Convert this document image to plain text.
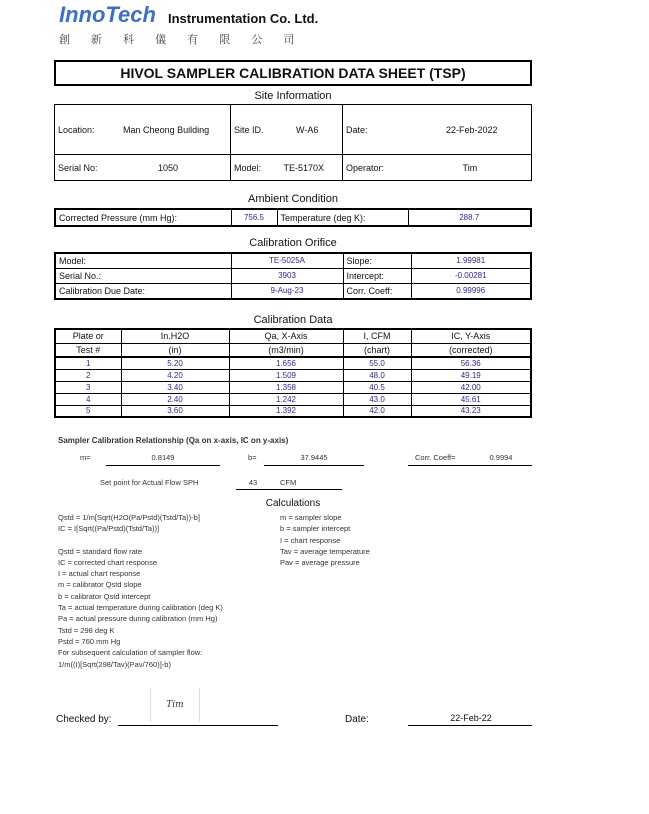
InnoTech Instrumentation Co. Ltd.
創 新 科 儀 有 限 公 司
HIVOL SAMPLER CALIBRATION DATA SHEET (TSP)
Site Information
Location: Man Cheong Building	Site ID. W-A6	Date: 22-Feb-2022
Serial No: 1050	Model: TE-5170X	Operator: Tim
Ambient Condition
Corrected Pressure (mm Hg):	756.5	Temperature (deg K):	288.7
Calibration Orifice
Model:	TE-5025A	Slope:	1.99981
Serial No.:	3903	Intercept:	-0.00281
Calibration Due Date:	9-Aug-23	Corr. Coeff:	0.99996
Calibration Data
Plate or	In.H2O	Qa, X-Axis	I, CFM	IC, Y-Axis
Test #	(in)	(m3/min)	(chart)	(corrected)
1	5.20	1.656	55.0	56.36
2	4.20	1.509	48.0	49.19
3	3.40	1.358	40.5	42.00
4	2.40	1.242	43.0	45.61
5	3.60	1.392	42.0	43.23
Sampler Calibration Relationship (Qa on x-axis, IC on y-axis)
m=	0.8149	b=	37.9445	Corr. Coeff=	0.9994
Set point for Actual Flow SPH	43	CFM
Calculations
Qstd = 1/m[Sqrt(H2O(Pa/Pstd)(Tstd/Ta))-b]
IC = I[Sqrt((Pa/Pstd)(Tstd/Ta))]
Qstd = standard flow rate
IC = corrected chart response
I = actual chart response
m = calibrator Qstd slope
b = calibrator Qstd intercept
Ta = actual temperature during calibration (deg K)
Pa = actual pressure during calibration (mm Hg)
Tstd = 298 deg K
Pstd = 760 mm Hg
For subsequent calculation of sampler flow:
1/m((I)[Sqrt(298/Tav)(Pav/760)]-b)
m = sampler slope
b = sampler intercept
I = chart response
Tav = average temperature
Pav = average pressure
Checked by:
Tim
Date:	22-Feb-22
